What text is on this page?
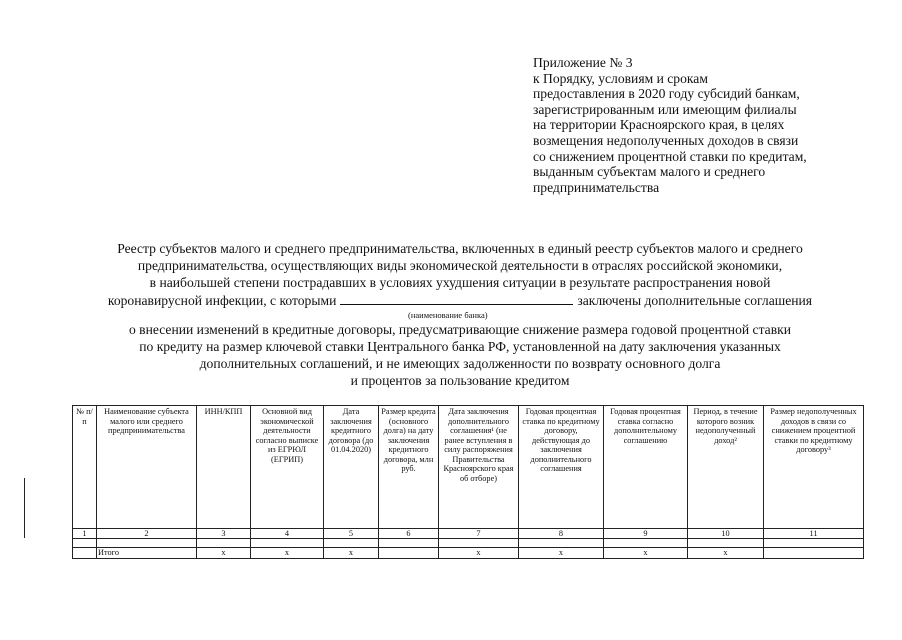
Приложение № 3
к Порядку, условиям и срокам
предоставления в 2020 году субсидий банкам,
зарегистрированным или имеющим филиалы
на территории Красноярского края, в целях
возмещения недополученных доходов в связи
со снижением процентной ставки по кредитам,
выданным субъектам малого и среднего
предпринимательства
Реестр субъектов малого и среднего предпринимательства, включенных в единый реестр субъектов малого и среднего
предпринимательства, осуществляющих виды экономической деятельности в отраслях российской экономики,
в наибольшей степени пострадавших в условиях ухудшения ситуации в результате распространения новой
коронавирусной инфекции, с которыми	заключены дополнительные соглашения
о внесении изменений в кредитные договоры, предусматривающие снижение размера годовой процентной ставки
по кредиту на размер ключевой ставки Центрального банка РФ, установленной на дату заключения указанных
дополнительных соглашений, и не имеющих задолженности по возврату основного долга
и процентов за пользование кредитом
(наименование банка)
№ п/п	Наименование субъекта малого или среднего предпринимательства	ИНН/КПП	Основной вид экономической деятельности согласно выписке из ЕГРЮЛ (ЕГРИП)	Дата заключения кредитного договора (до 01.04.2020)	Размер кредита (основного долга) на дату заключения кредитного договора, млн руб.	Дата заключения дополнительного соглашения¹ (не ранее вступления в силу распоряжения Правительства Красноярского края об отборе)	Годовая процентная ставка по кредитному договору, действующая до заключения дополнительного соглашения	Годовая процентная ставка согласно дополнительному соглашению	Период, в течение которого возник недополученный доход²	Размер недополученных доходов в связи со снижением процентной ставки по кредитному договору³
1	2	3	4	5	6	7	8	9	10	11

	Итого	x	x	x		x	x	x	x	
